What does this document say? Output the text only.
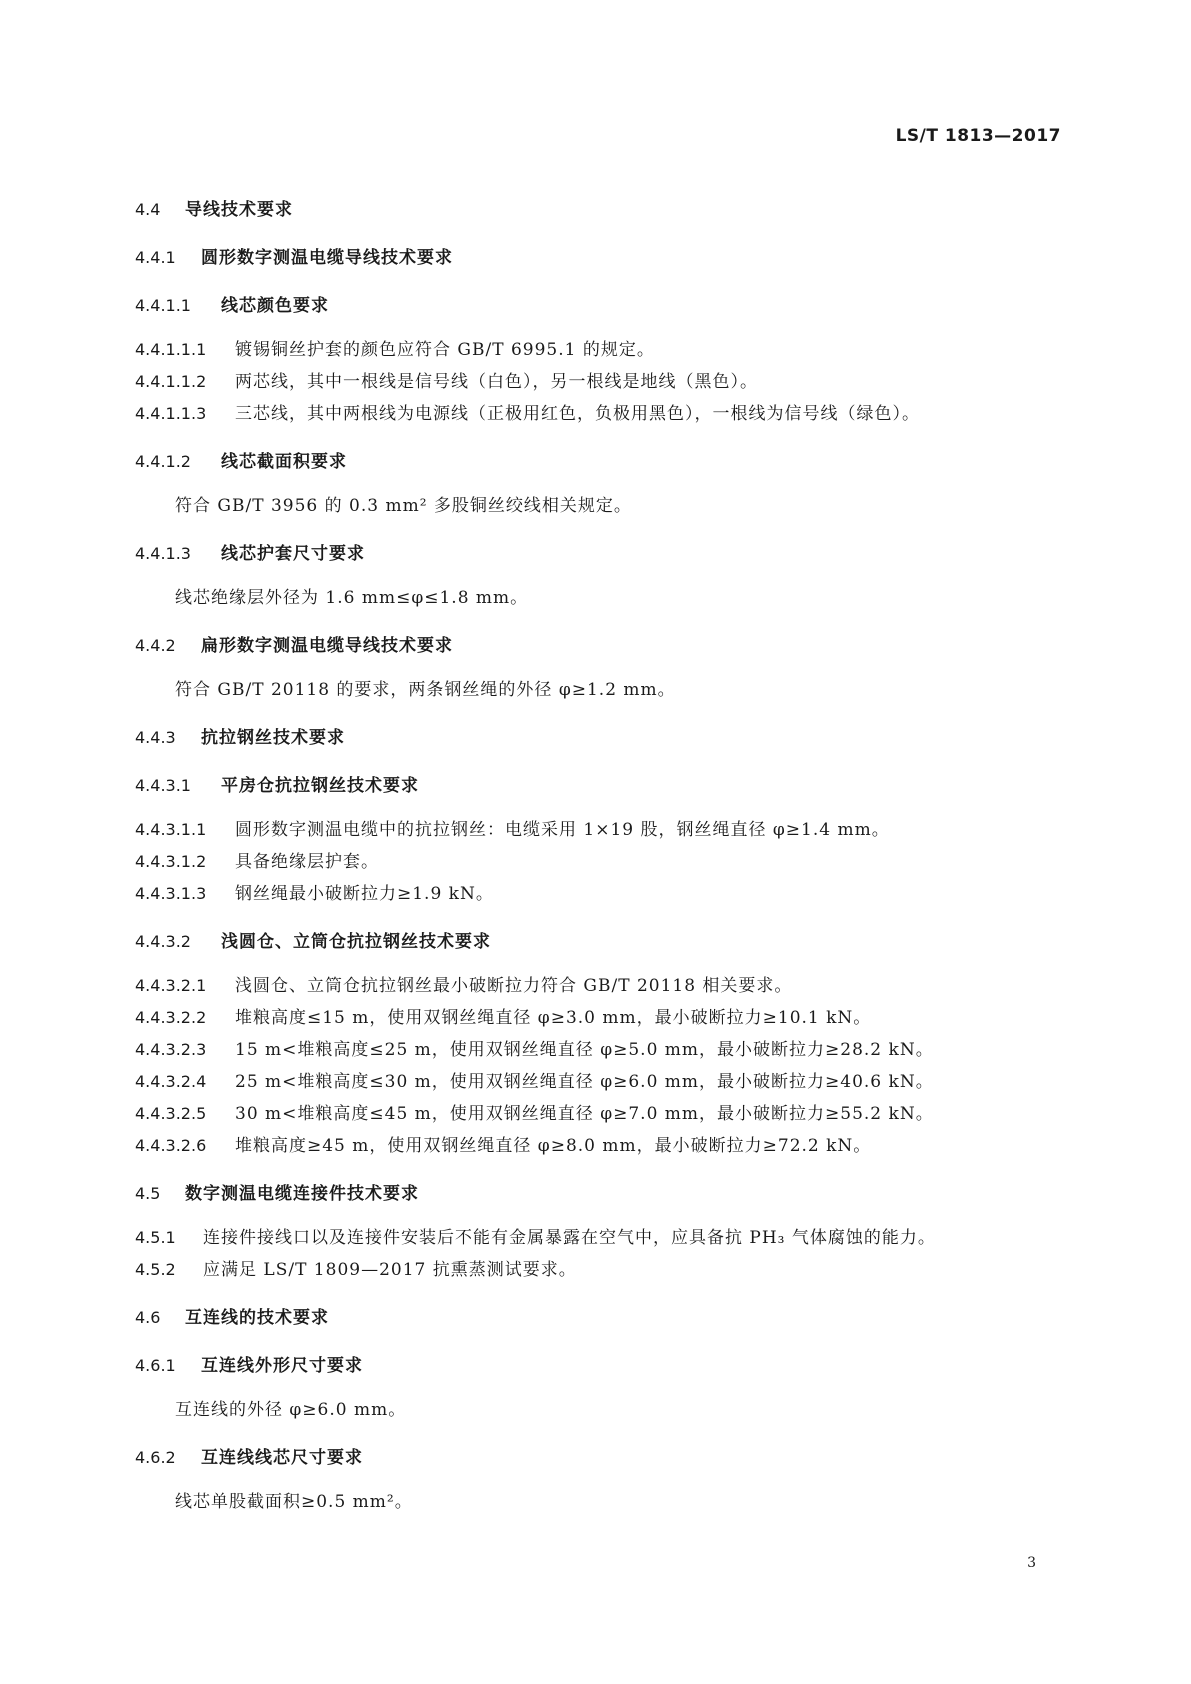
LS/T 1813—2017
4.4 导线技术要求
4.4.1 圆形数字测温电缆导线技术要求
4.4.1.1 线芯颜色要求
4.4.1.1.1 镀锡铜丝护套的颜色应符合 GB/T 6995.1 的规定。
4.4.1.1.2 两芯线，其中一根线是信号线（白色），另一根线是地线（黑色）。
4.4.1.1.3 三芯线，其中两根线为电源线（正极用红色，负极用黑色），一根线为信号线（绿色）。
4.4.1.2 线芯截面积要求
符合 GB/T 3956 的 0.3 mm² 多股铜丝绞线相关规定。
4.4.1.3 线芯护套尺寸要求
线芯绝缘层外径为 1.6 mm≤φ≤1.8 mm。
4.4.2 扁形数字测温电缆导线技术要求
符合 GB/T 20118 的要求，两条钢丝绳的外径 φ≥1.2 mm。
4.4.3 抗拉钢丝技术要求
4.4.3.1 平房仓抗拉钢丝技术要求
4.4.3.1.1 圆形数字测温电缆中的抗拉钢丝：电缆采用 1×19 股，钢丝绳直径 φ≥1.4 mm。
4.4.3.1.2 具备绝缘层护套。
4.4.3.1.3 钢丝绳最小破断拉力≥1.9 kN。
4.4.3.2 浅圆仓、立筒仓抗拉钢丝技术要求
4.4.3.2.1 浅圆仓、立筒仓抗拉钢丝最小破断拉力符合 GB/T 20118 相关要求。
4.4.3.2.2 堆粮高度≤15 m，使用双钢丝绳直径 φ≥3.0 mm，最小破断拉力≥10.1 kN。
4.4.3.2.3 15 m<堆粮高度≤25 m，使用双钢丝绳直径 φ≥5.0 mm，最小破断拉力≥28.2 kN。
4.4.3.2.4 25 m<堆粮高度≤30 m，使用双钢丝绳直径 φ≥6.0 mm，最小破断拉力≥40.6 kN。
4.4.3.2.5 30 m<堆粮高度≤45 m，使用双钢丝绳直径 φ≥7.0 mm，最小破断拉力≥55.2 kN。
4.4.3.2.6 堆粮高度≥45 m，使用双钢丝绳直径 φ≥8.0 mm，最小破断拉力≥72.2 kN。
4.5 数字测温电缆连接件技术要求
4.5.1 连接件接线口以及连接件安装后不能有金属暴露在空气中，应具备抗 PH₃ 气体腐蚀的能力。
4.5.2 应满足 LS/T 1809—2017 抗熏蒸测试要求。
4.6 互连线的技术要求
4.6.1 互连线外形尺寸要求
互连线的外径 φ≥6.0 mm。
4.6.2 互连线线芯尺寸要求
线芯单股截面积≥0.5 mm²。
3
